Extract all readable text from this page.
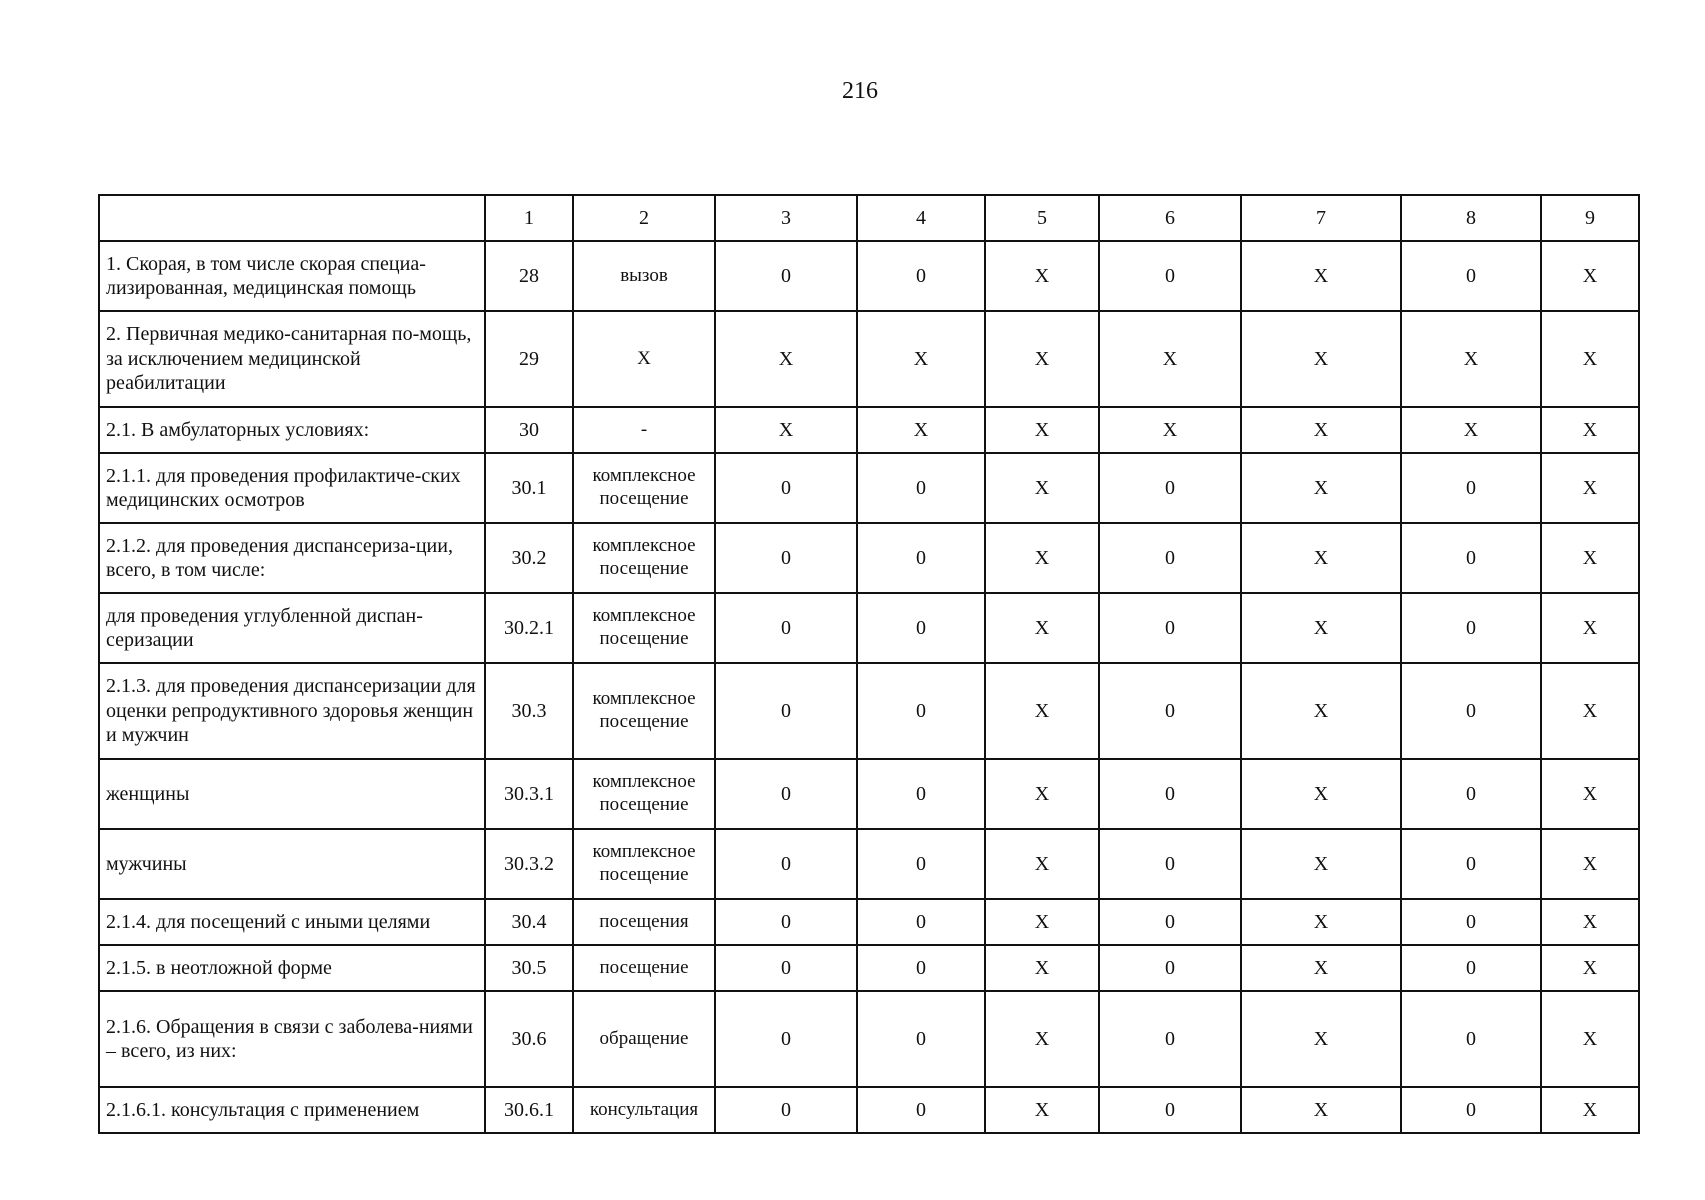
216
	1	2	3	4	5	6	7	8	9
1. Скорая, в том числе скорая специа-лизированная, медицинская помощь	28	вызов	0	0	X	0	X	0	X
2. Первичная медико-санитарная по-мощь, за исключением медицинской реабилитации	29	X	X	X	X	X	X	X	X
2.1. В амбулаторных условиях:	30	-	X	X	X	X	X	X	X
2.1.1. для проведения профилактиче-ских медицинских осмотров	30.1	комплексное посещение	0	0	X	0	X	0	X
2.1.2. для проведения диспансериза-ции, всего, в том числе:	30.2	комплексное посещение	0	0	X	0	X	0	X
для проведения углубленной диспан-серизации	30.2.1	комплексное посещение	0	0	X	0	X	0	X
2.1.3. для проведения диспансеризации для оценки репродуктивного здоровья женщин и мужчин	30.3	комплексное посещение	0	0	X	0	X	0	X
женщины	30.3.1	комплексное посещение	0	0	X	0	X	0	X
мужчины	30.3.2	комплексное посещение	0	0	X	0	X	0	X
2.1.4. для посещений с иными целями	30.4	посещения	0	0	X	0	X	0	X
2.1.5. в неотложной форме	30.5	посещение	0	0	X	0	X	0	X
2.1.6. Обращения в связи с заболева-ниями – всего, из них:	30.6	обращение	0	0	X	0	X	0	X
2.1.6.1. консультация с применением	30.6.1	консультация	0	0	X	0	X	0	X
